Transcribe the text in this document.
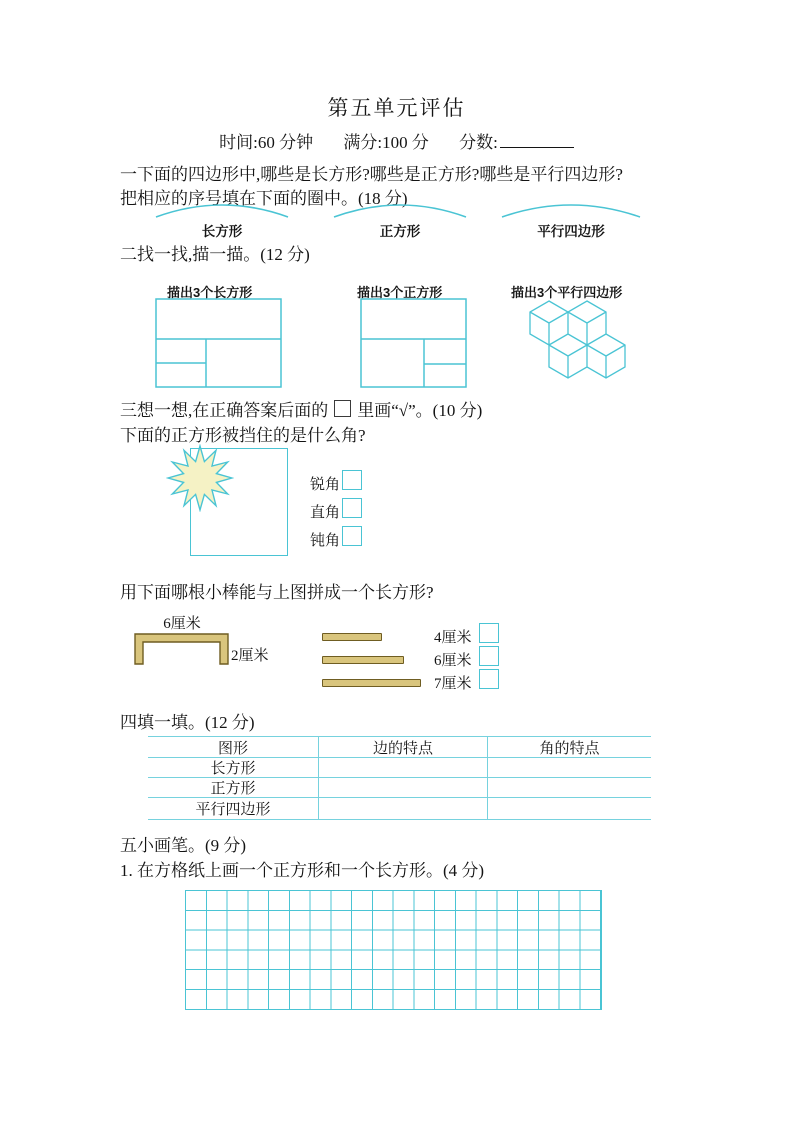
第五单元评估
时间:60 分钟 满分:100 分 分数:
一下面的四边形中,哪些是长方形?哪些是正方形?哪些是平行四边形?
把相应的序号填在下面的圈中。(18 分)
长方形	正方形	平行四边形
二找一找,描一描。(12 分)
描出3个长方形	描出3个正方形	描出3个平行四边形
三想一想,在正确答案后面的 里画“√”。(10 分)
下面的正方形被挡住的是什么角?
锐角
直角
钝角
用下面哪根小棒能与上图拼成一个长方形?
6厘米
2厘米
4厘米
6厘米
7厘米
四填一填。(12 分)
图形	边的特点	角的特点
长方形
正方形
平行四边形
五小画笔。(9 分)
1. 在方格纸上画一个正方形和一个长方形。(4 分)
